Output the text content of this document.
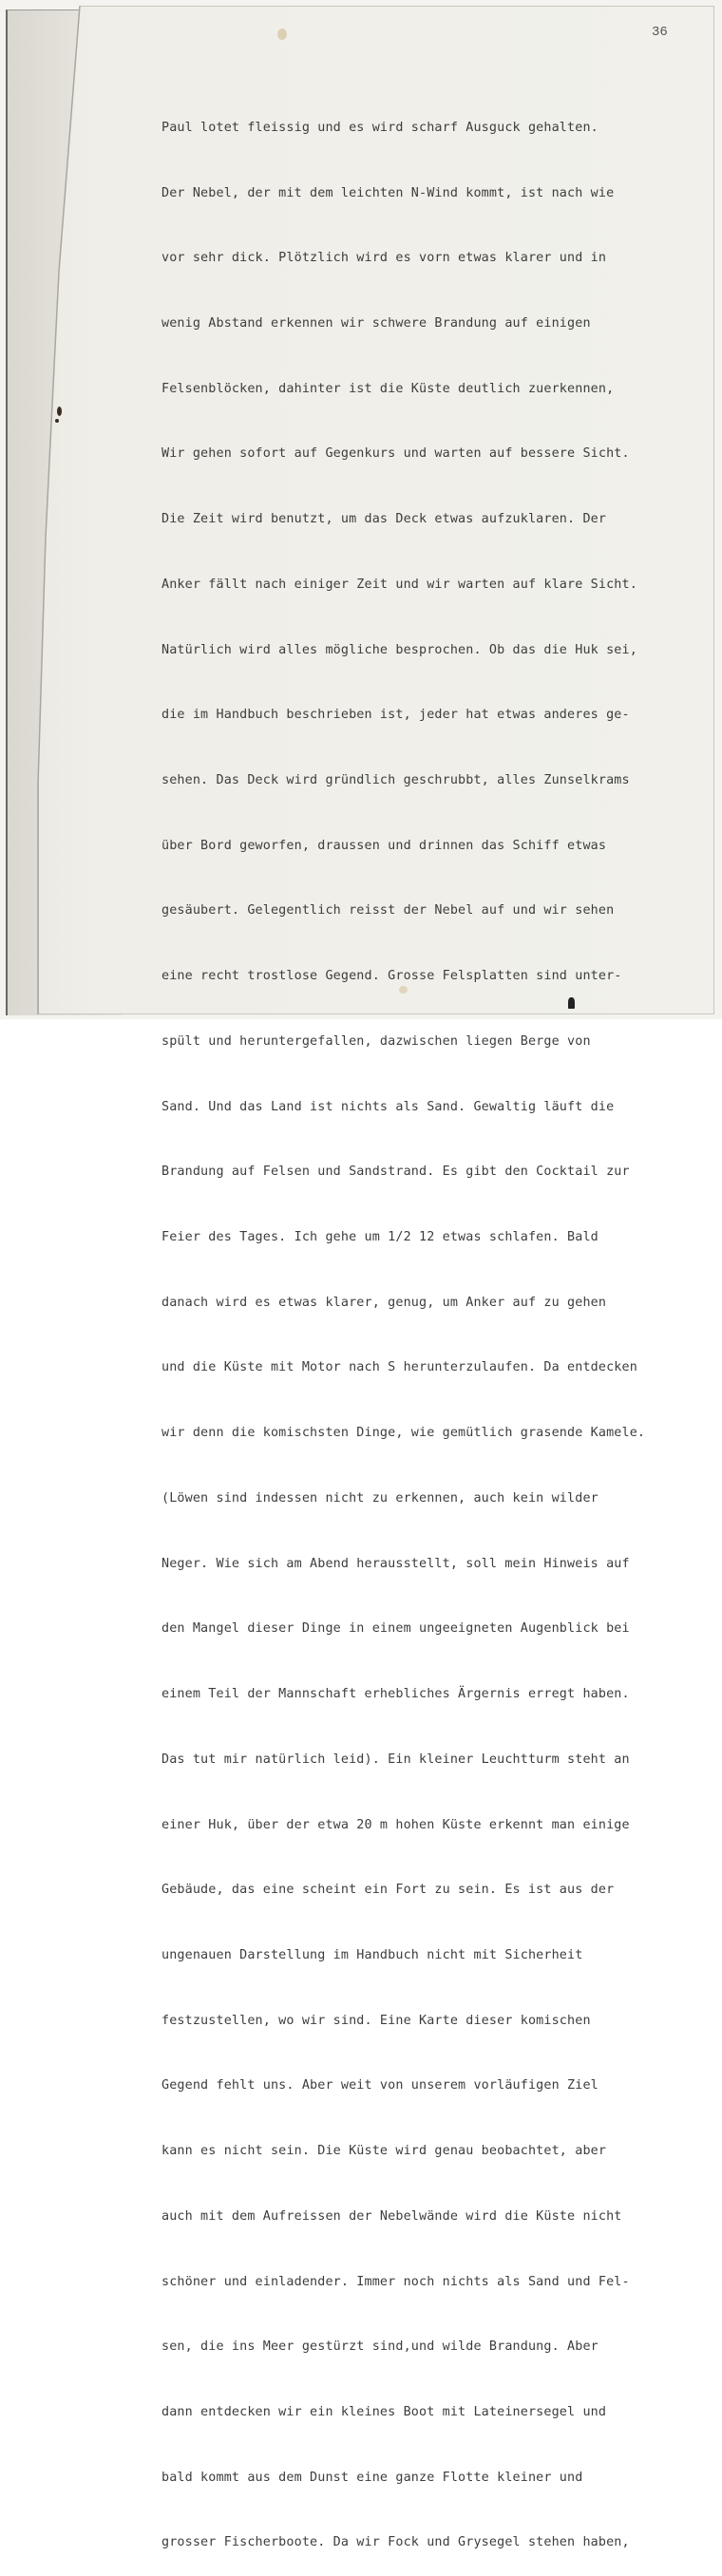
36

Paul lotet fleissig und es wird scharf Ausguck gehalten.

Der Nebel, der mit dem leichten N-Wind kommt, ist nach wie

vor sehr dick. Plötzlich wird es vorn etwas klarer und in

wenig Abstand erkennen wir schwere Brandung auf einigen

Felsenblöcken, dahinter ist die Küste deutlich zuerkennen,

Wir gehen sofort auf Gegenkurs und warten auf bessere Sicht.

Die Zeit wird benutzt, um das Deck etwas aufzuklaren. Der

Anker fällt nach einiger Zeit und wir warten auf klare Sicht.

Natürlich wird alles mögliche besprochen. Ob das die Huk sei,

die im Handbuch beschrieben ist, jeder hat etwas anderes ge-

sehen. Das Deck wird gründlich geschrubbt, alles Zunselkrams

über Bord geworfen, draussen und drinnen das Schiff etwas

gesäubert. Gelegentlich reisst der Nebel auf und wir sehen

eine recht trostlose Gegend. Grosse Felsplatten sind unter-

spült und heruntergefallen, dazwischen liegen Berge von

Sand. Und das Land ist nichts als Sand. Gewaltig läuft die

Brandung auf Felsen und Sandstrand. Es gibt den Cocktail zur

Feier des Tages. Ich gehe um 1/2 12 etwas schlafen. Bald

danach wird es etwas klarer, genug, um Anker auf zu gehen

und die Küste mit Motor nach S herunterzulaufen. Da entdecken

wir denn die komischsten Dinge, wie gemütlich grasende Kamele.

(Löwen sind indessen nicht zu erkennen, auch kein wilder

Neger. Wie sich am Abend herausstellt, soll mein Hinweis auf

den Mangel dieser Dinge in einem ungeeigneten Augenblick bei

einem Teil der Mannschaft erhebliches Ärgernis erregt haben.

Das tut mir natürlich leid). Ein kleiner Leuchtturm steht an

einer Huk, über der etwa 20 m hohen Küste erkennt man einige

Gebäude, das eine scheint ein Fort zu sein. Es ist aus der

ungenauen Darstellung im Handbuch nicht mit Sicherheit

festzustellen, wo wir sind. Eine Karte dieser komischen

Gegend fehlt uns. Aber weit von unserem vorläufigen Ziel

kann es nicht sein. Die Küste wird genau beobachtet, aber

auch mit dem Aufreissen der Nebelwände wird die Küste nicht

schöner und einladender. Immer noch nichts als Sand und Fel-

sen, die ins Meer gestürzt sind,und wilde Brandung. Aber

dann entdecken wir ein kleines Boot mit Lateinersegel und

bald kommt aus dem Dunst eine ganze Flotte kleiner und

grosser Fischerboote. Da wir Fock und Grysegel stehen haben,
